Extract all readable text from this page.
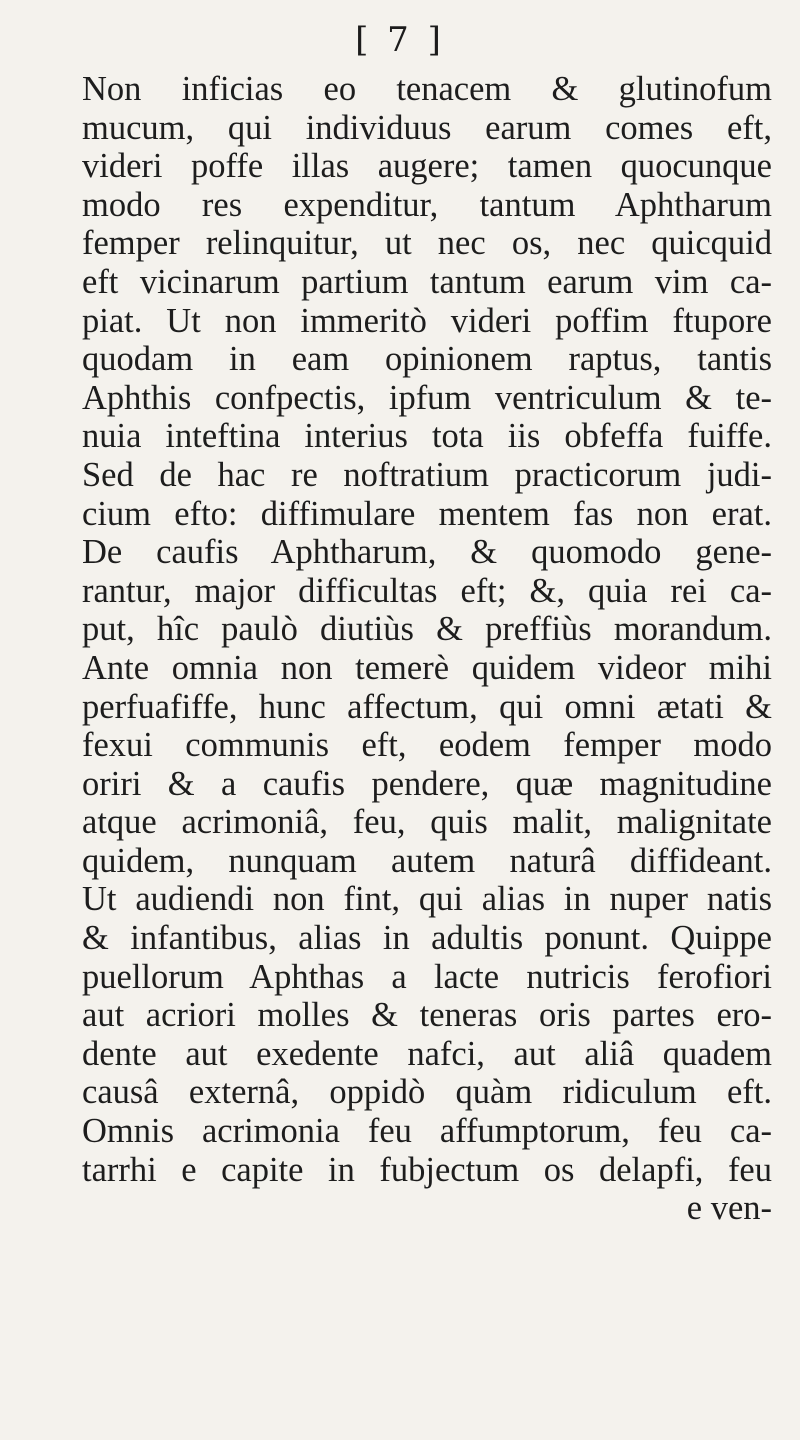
[ 7 ]
Non inficias eo tenacem & glutinofum
mucum, qui individuus earum comes eft,
videri poffe illas augere; tamen quocunque
modo res expenditur, tantum Aphtharum
femper relinquitur, ut nec os, nec quicquid
eft vicinarum partium tantum earum vim ca-
piat. Ut non immeritò videri poffim ftupore
quodam in eam opinionem raptus, tantis
Aphthis confpectis, ipfum ventriculum & te-
nuia inteftina interius tota iis obfeffa fuiffe.
Sed de hac re noftratium practicorum judi-
cium efto: diffimulare mentem fas non erat.
De caufis Aphtharum, & quomodo gene-
rantur, major difficultas eft; &, quia rei ca-
put, hîc paulò diutiùs & preffiùs morandum.
Ante omnia non temerè quidem videor mihi
perfuafiffe, hunc affectum, qui omni ætati &
fexui communis eft, eodem femper modo
oriri & a caufis pendere, quæ magnitudine
atque acrimoniâ, feu, quis malit, malignitate
quidem, nunquam autem naturâ diffideant.
Ut audiendi non fint, qui alias in nuper natis
& infantibus, alias in adultis ponunt. Quippe
puellorum Aphthas a lacte nutricis ferofiori
aut acriori molles & teneras oris partes ero-
dente aut exedente nafci, aut aliâ quadem
causâ externâ, oppidò quàm ridiculum eft.
Omnis acrimonia feu affumptorum, feu ca-
tarrhi e capite in fubjectum os delapfi, feu
e ven-
